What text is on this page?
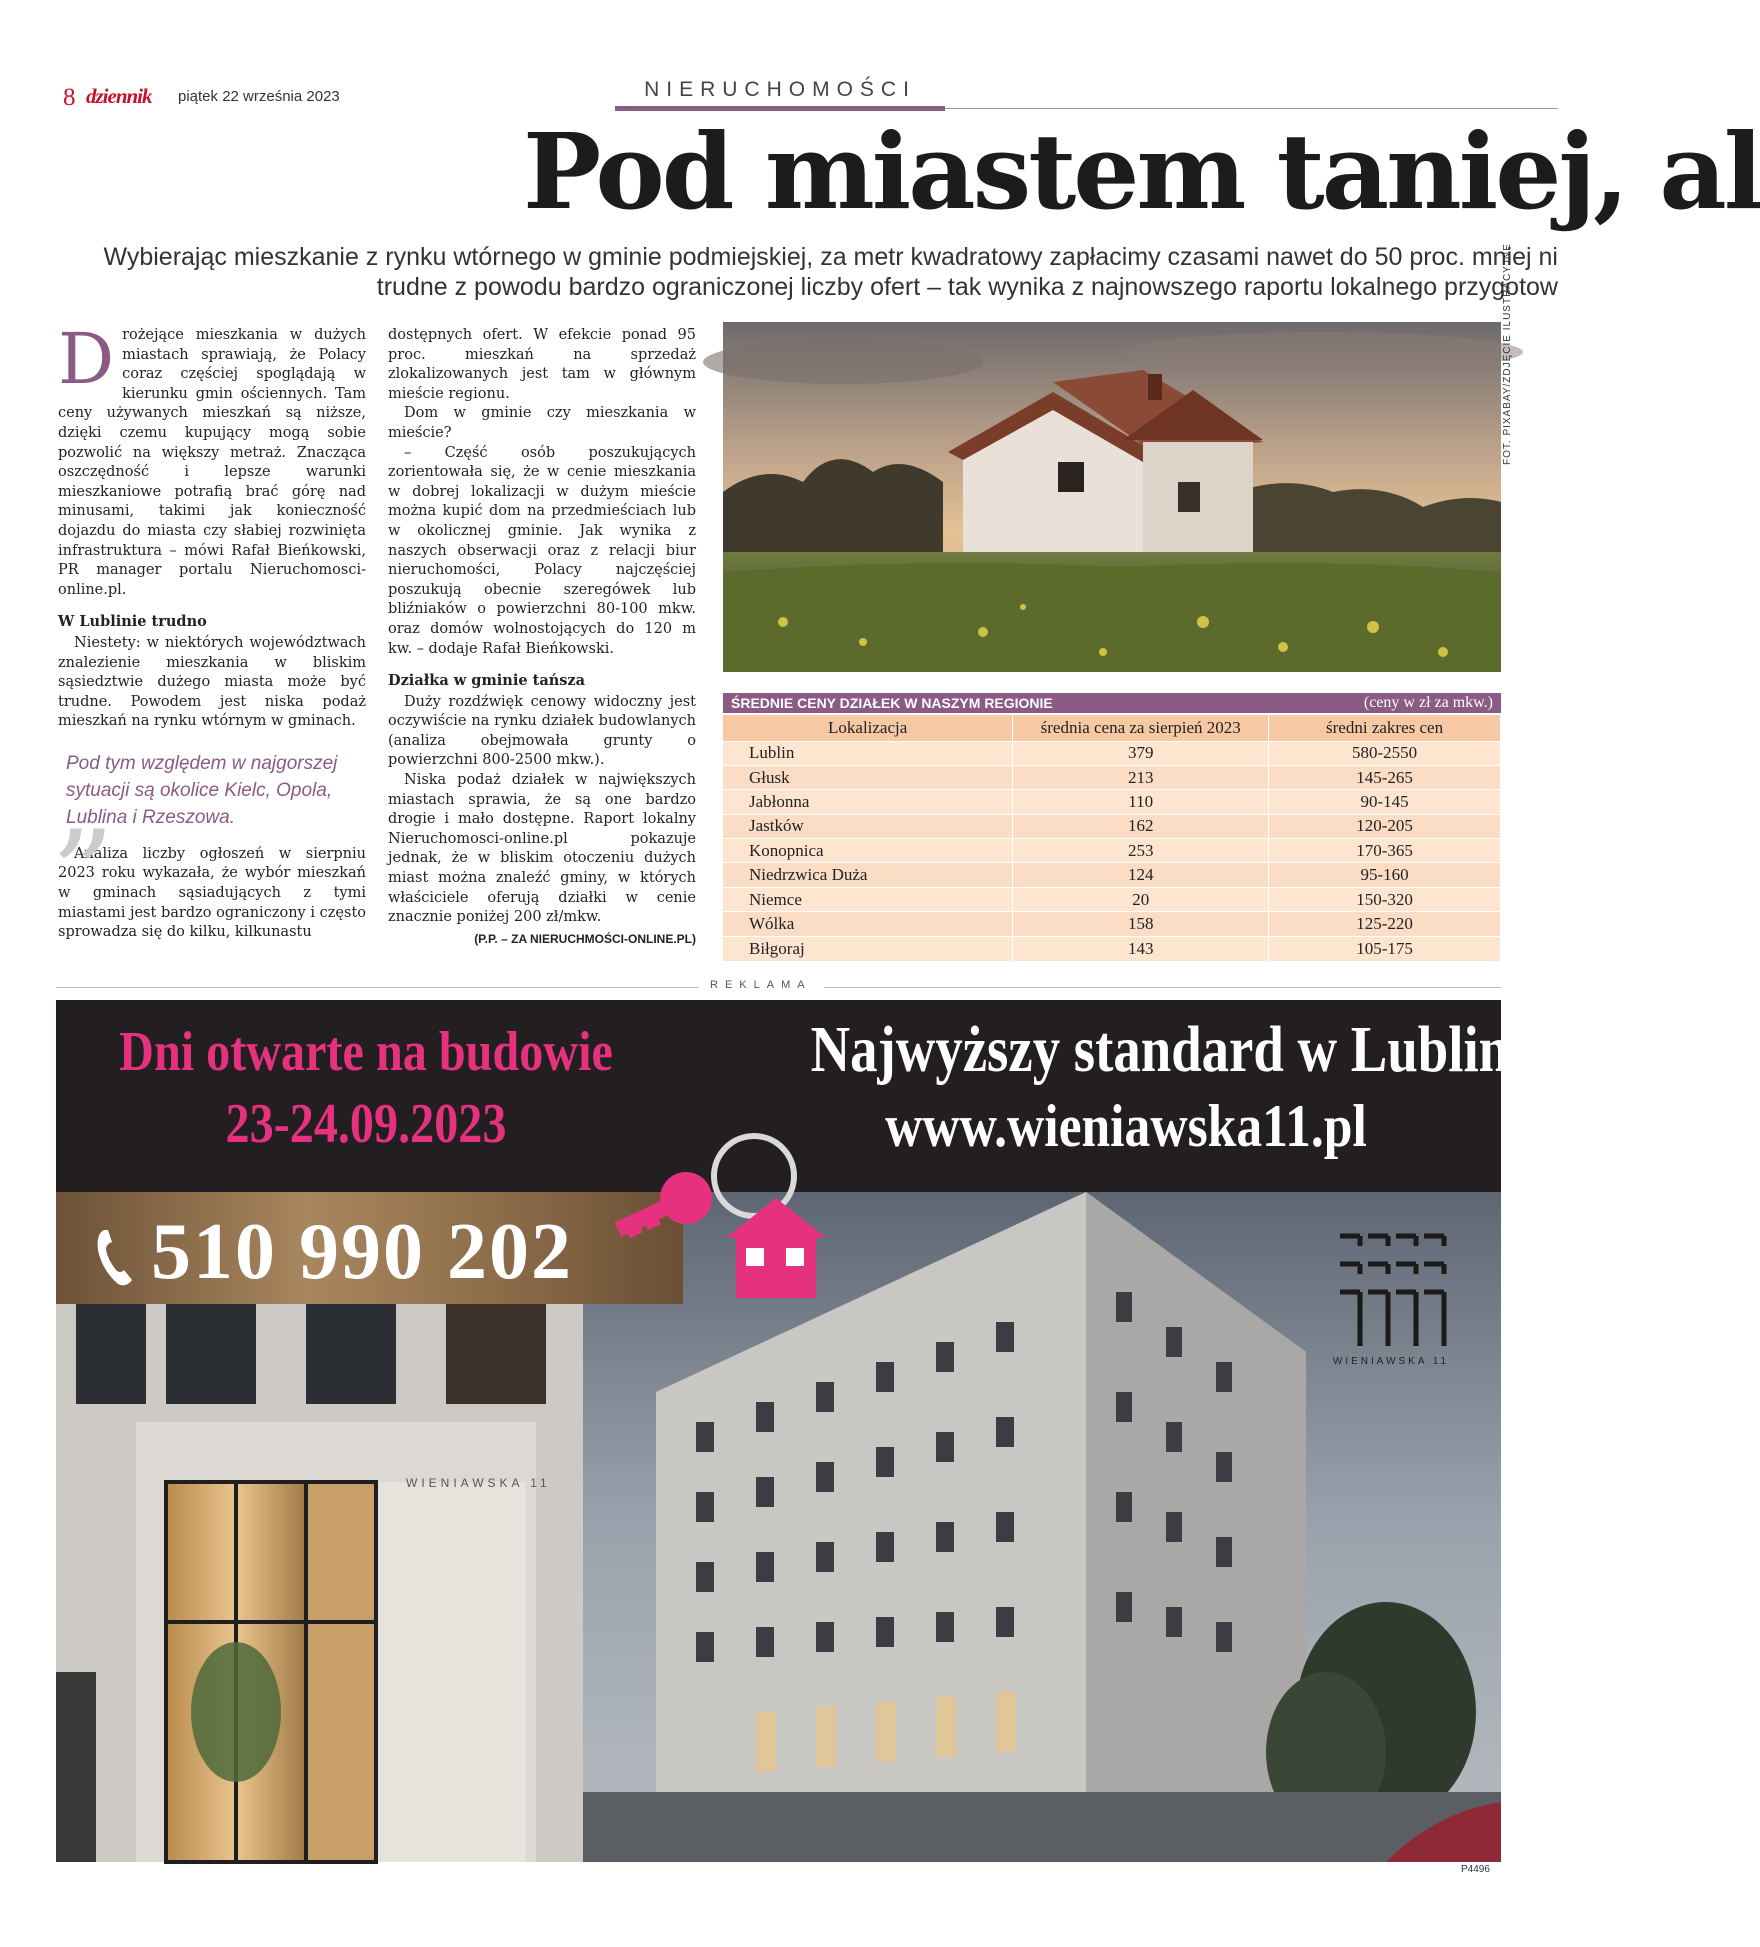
8 dziennik piątek 22 września 2023	NIERUCHOMOŚCI
Pod miastem taniej, al
Wybierając mieszkanie z rynku wtórnego w gminie podmiejskiej, za metr kwadratowy zapłacimy czasami nawet do 50 proc. mniej ni
trudne z powodu bardzo ograniczonej liczby ofert – tak wynika z najnowszego raportu lokalnego przygotow

Drożejące mieszkania w dużych miastach sprawiają, że Polacy coraz częściej spoglądają w kierunku gmin ościennych. Tam ceny używanych mieszkań są niższe, dzięki czemu kupujący mogą sobie pozwolić na większy metraż. Znacząca oszczędność i lepsze warunki mieszkaniowe potrafią brać górę nad minusami, takimi jak konieczność dojazdu do miasta czy słabiej rozwinięta infrastruktura – mówi Rafał Bieńkowski, PR manager portalu Nieruchomosci-online.pl.

W Lublinie trudno

Niestety: w niektórych województwach znalezienie mieszkania w bliskim sąsiedztwie dużego miasta może być trudne. Powodem jest niska podaż mieszkań na rynku wtórnym w gminach.

„
Pod tym względem w najgorszej sytuacji są okolice Kielc, Opola, Lublina i Rzeszowa.

Analiza liczby ogłoszeń w sierpniu 2023 roku wykazała, że wybór mieszkań w gminach sąsiadujących z tymi miastami jest bardzo ograniczony i często sprowadza się do kilku, kilkunastu

dostępnych ofert. W efekcie ponad 95 proc. mieszkań na sprzedaż zlokalizowanych jest tam w głównym mieście regionu.

Dom w gminie czy mieszkania w mieście?

– Część osób poszukujących zorientowała się, że w cenie mieszkania w dobrej lokalizacji w dużym mieście można kupić dom na przedmieściach lub w okolicznej gminie. Jak wynika z naszych obserwacji oraz z relacji biur nieruchomości, Polacy najczęściej poszukują obecnie szeregówek lub bliźniaków o powierzchni 80-100 mkw. oraz domów wolnostojących do 120 m kw. – dodaje Rafał Bieńkowski.

Działka w gminie tańsza

Duży rozdźwięk cenowy widoczny jest oczywiście na rynku działek budowlanych (analiza obejmowała grunty o powierzchni 800-2500 mkw.).

Niska podaż działek w największych miastach sprawia, że są one bardzo drogie i mało dostępne. Raport lokalny Nieruchomosci-online.pl pokazuje jednak, że w bliskim otoczeniu dużych miast można znaleźć gminy, w których właściciele oferują działki w cenie znacznie poniżej 200 zł/mkw.

(P.P. – ZA NIERUCHMOŚCI-ONLINE.PL)
FOT. PIXABAY/ZDJĘCIE ILUSTRACYJNE
ŚREDNIE CENY DZIAŁEK W NASZYM REGIONIE	(ceny w zł za mkw.)
Lokalizacja	średnia cena za sierpień 2023	średni zakres cen
Lublin	379	580-2550
Głusk	213	145-265
Jabłonna	110	90-145
Jastków	162	120-205
Konopnica	253	170-365
Niedrzwica Duża	124	95-160
Niemce	20	150-320
Wólka	158	125-220
Biłgoraj	143	105-175
REKLAMA
Dni otwarte na budowie
23-24.09.2023
Najwyższy standard w Lublinie!
www.wieniawska11.pl
510 990 202
WIENIAWSKA 11
WIENIAWSKA 11
P4496
